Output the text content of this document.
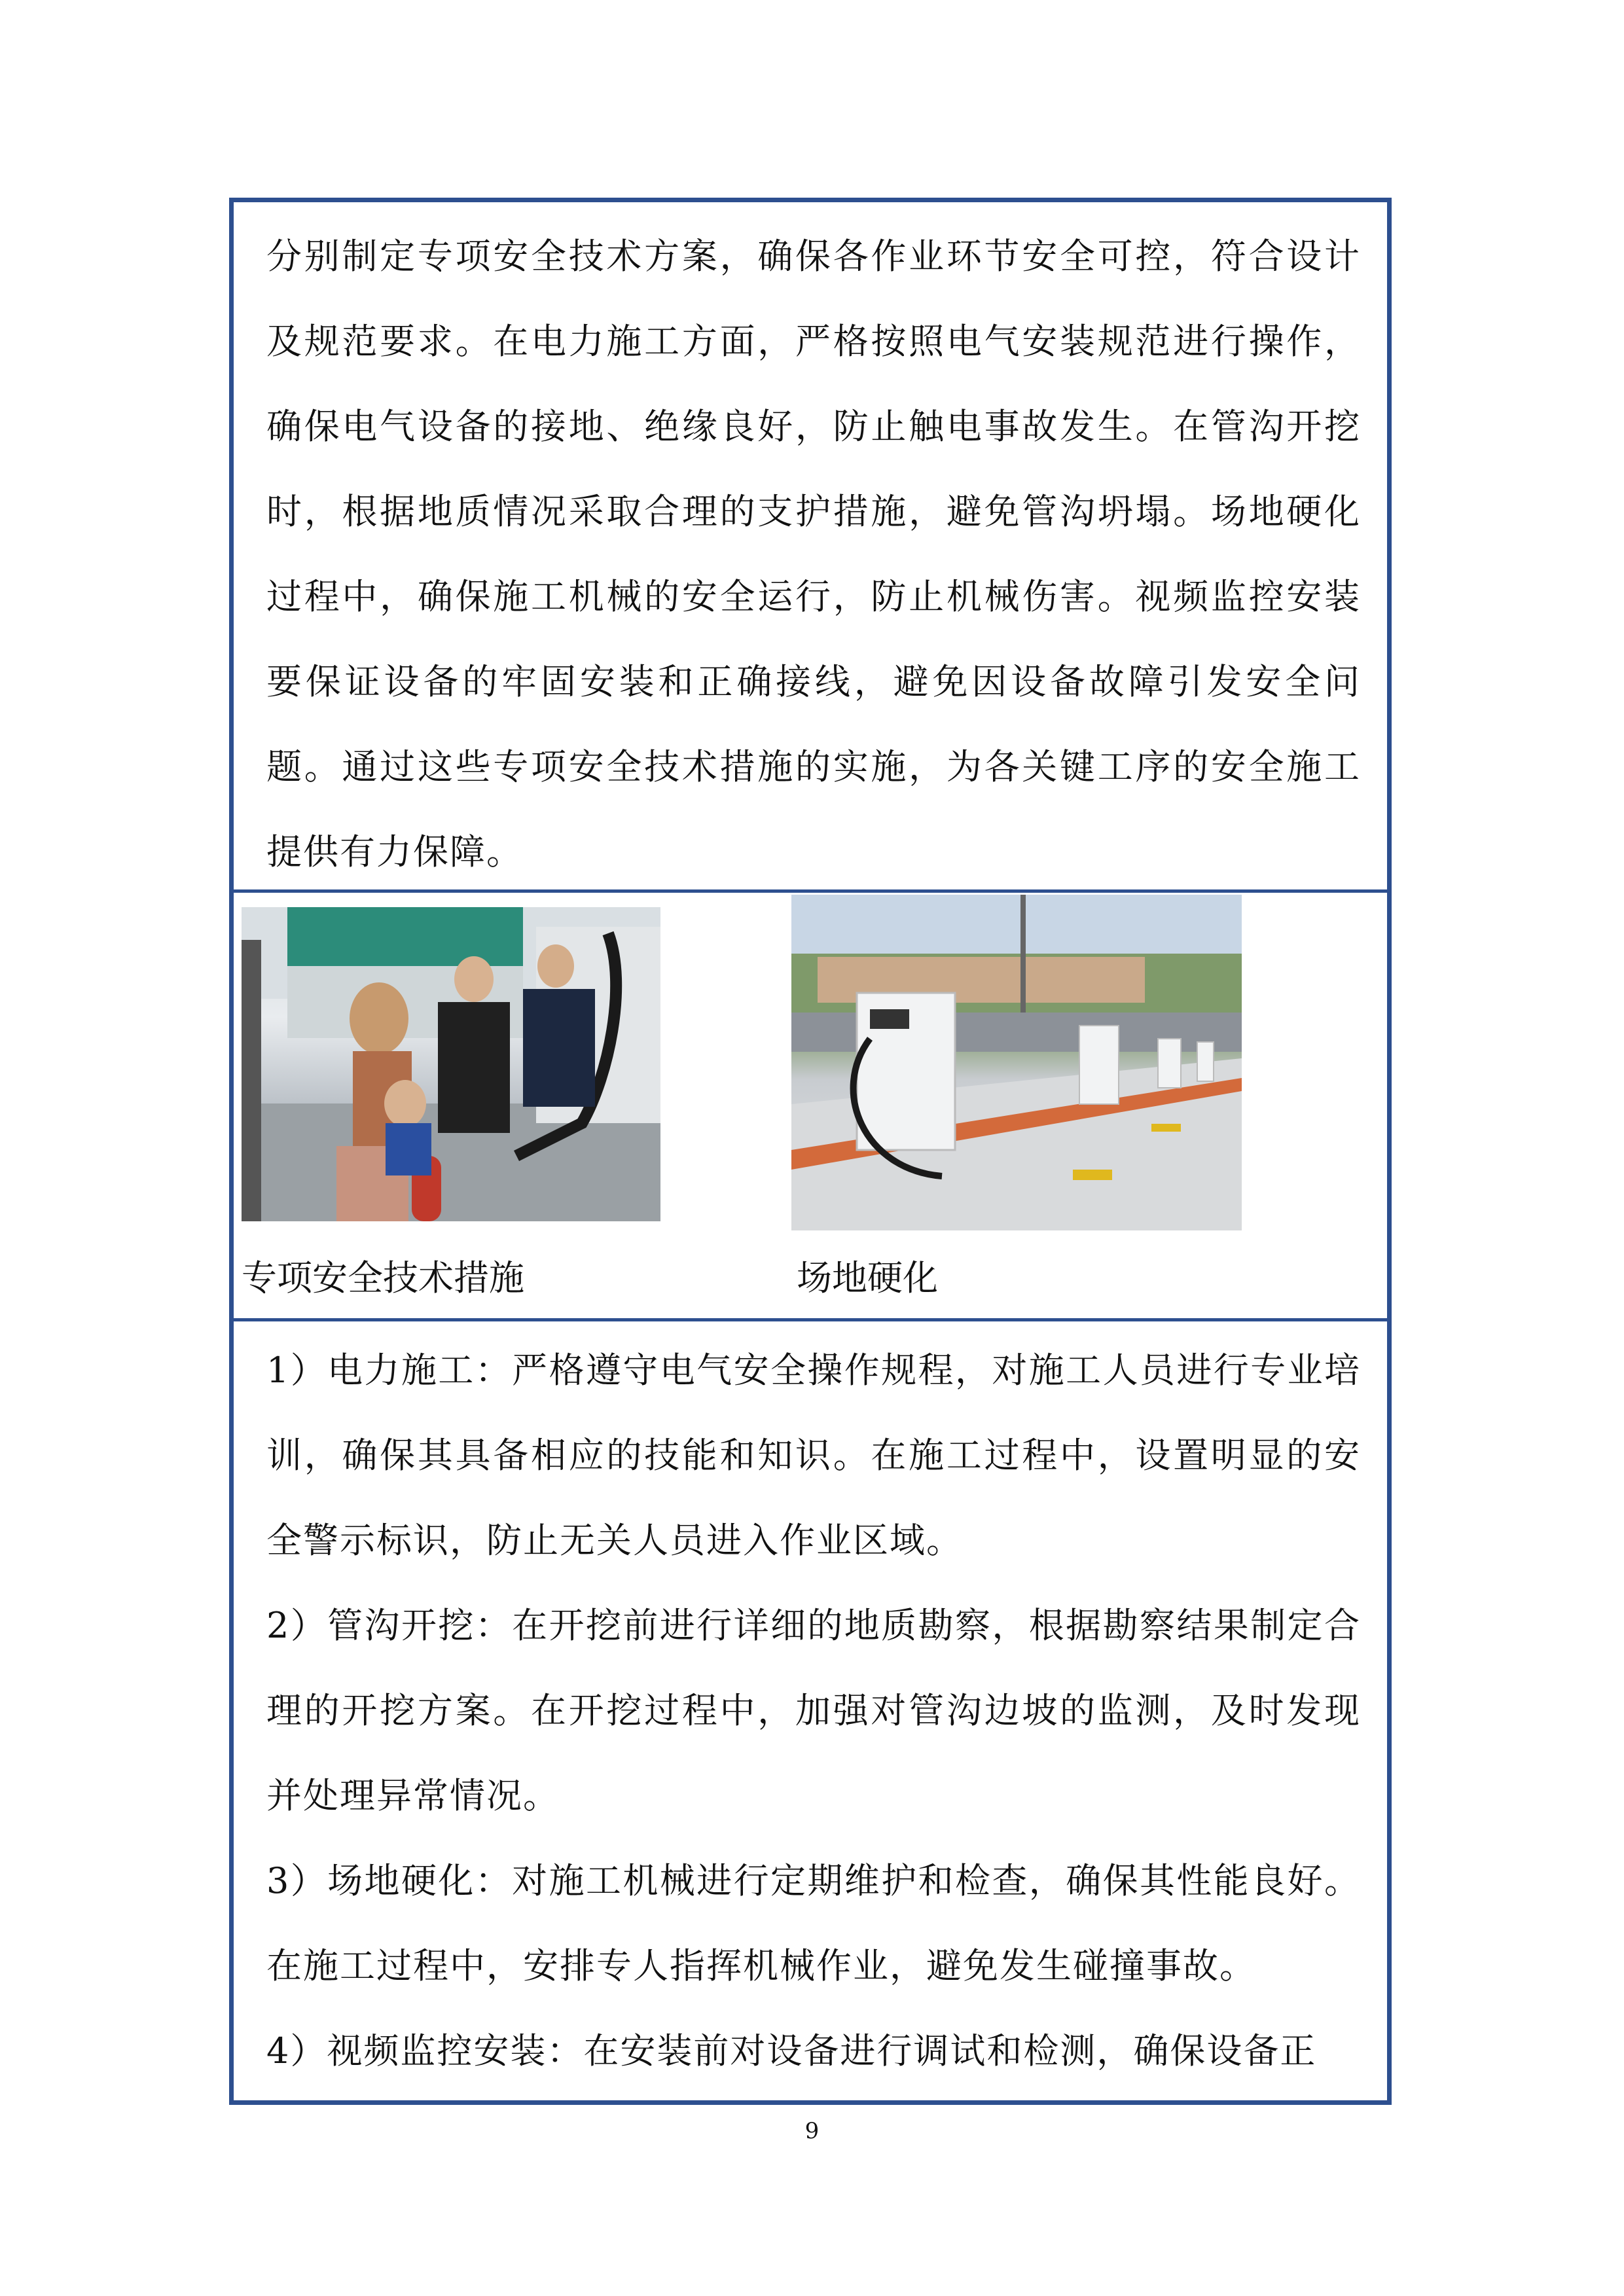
分别制定专项安全技术方案，确保各作业环节安全可控，符合设计及规范要求。在电力施工方面，严格按照电气安装规范进行操作，确保电气设备的接地、绝缘良好，防止触电事故发生。在管沟开挖时，根据地质情况采取合理的支护措施，避免管沟坍塌。场地硬化过程中，确保施工机械的安全运行，防止机械伤害。视频监控安装要保证设备的牢固安装和正确接线，避免因设备故障引发安全问题。通过这些专项安全技术措施的实施，为各关键工序的安全施工提供有力保障。

专项安全技术措施	场地硬化

1）电力施工：严格遵守电气安全操作规程，对施工人员进行专业培训，确保其具备相应的技能和知识。在施工过程中，设置明显的安全警示标识，防止无关人员进入作业区域。

2）管沟开挖：在开挖前进行详细的地质勘察，根据勘察结果制定合理的开挖方案。在开挖过程中，加强对管沟边坡的监测，及时发现并处理异常情况。

3）场地硬化：对施工机械进行定期维护和检查，确保其性能良好。在施工过程中，安排专人指挥机械作业，避免发生碰撞事故。

4）视频监控安装：在安装前对设备进行调试和检测，确保设备正

9
